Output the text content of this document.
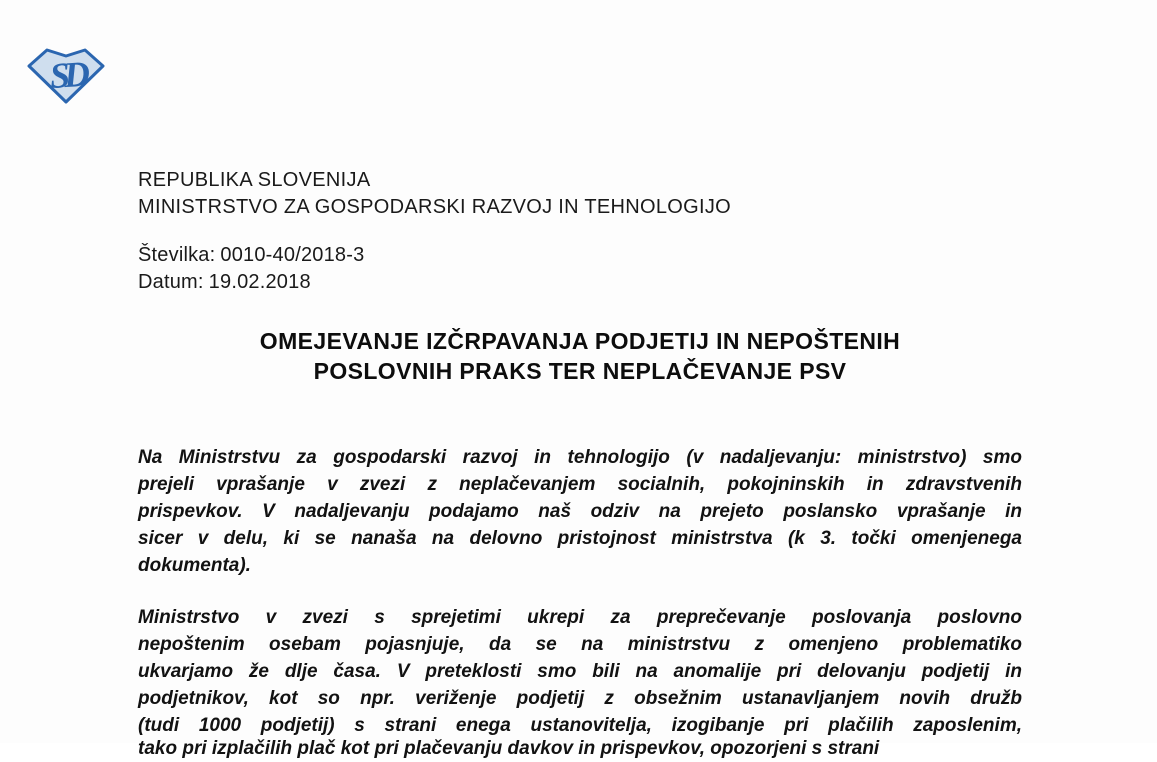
SD
REPUBLIKA SLOVENIJA
MINISTRSTVO ZA GOSPODARSKI RAZVOJ IN TEHNOLOGIJO
Številka: 0010-40/2018-3
Datum: 19.02.2018
OMEJEVANJE IZČRPAVANJA PODJETIJ IN NEPOŠTENIH
POSLOVNIH PRAKS TER NEPLAČEVANJE PSV
Na Ministrstvu za gospodarski razvoj in tehnologijo (v nadaljevanju: ministrstvo) smo
prejeli vprašanje v zvezi z neplačevanjem socialnih, pokojninskih in zdravstvenih
prispevkov. V nadaljevanju podajamo naš odziv na prejeto poslansko vprašanje in
sicer v delu, ki se nanaša na delovno pristojnost ministrstva (k 3. točki omenjenega
dokumenta).
Ministrstvo v zvezi s sprejetimi ukrepi za preprečevanje poslovanja poslovno
nepoštenim osebam pojasnjuje, da se na ministrstvu z omenjeno problematiko
ukvarjamo že dlje časa. V preteklosti smo bili na anomalije pri delovanju podjetij in
podjetnikov, kot so npr. veriženje podjetij z obsežnim ustanavljanjem novih družb
(tudi 1000 podjetij) s strani enega ustanovitelja, izogibanje pri plačilih zaposlenim,
tako pri izplačilih plač kot pri plačevanju davkov in prispevkov, opozorjeni s strani
